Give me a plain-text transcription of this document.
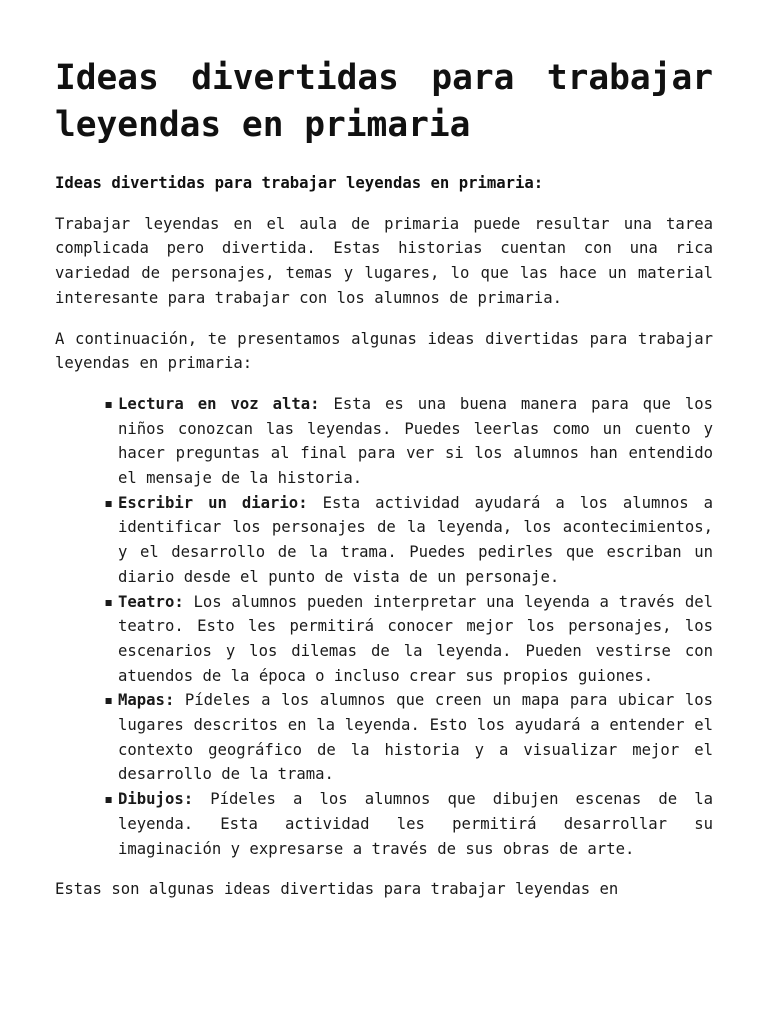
Ideas divertidas para trabajar leyendas en primaria
Ideas divertidas para trabajar leyendas en primaria:

Trabajar leyendas en el aula de primaria puede resultar una tarea complicada pero divertida. Estas historias cuentan con una rica variedad de personajes, temas y lugares, lo que las hace un material interesante para trabajar con los alumnos de primaria.

A continuación, te presentamos algunas ideas divertidas para trabajar leyendas en primaria:

▪ Lectura en voz alta: Esta es una buena manera para que los niños conozcan las leyendas. Puedes leerlas como un cuento y hacer preguntas al final para ver si los alumnos han entendido el mensaje de la historia.
▪ Escribir un diario: Esta actividad ayudará a los alumnos a identificar los personajes de la leyenda, los acontecimientos, y el desarrollo de la trama. Puedes pedirles que escriban un diario desde el punto de vista de un personaje.
▪ Teatro: Los alumnos pueden interpretar una leyenda a través del teatro. Esto les permitirá conocer mejor los personajes, los escenarios y los dilemas de la leyenda. Pueden vestirse con atuendos de la época o incluso crear sus propios guiones.
▪ Mapas: Pídeles a los alumnos que creen un mapa para ubicar los lugares descritos en la leyenda. Esto los ayudará a entender el contexto geográfico de la historia y a visualizar mejor el desarrollo de la trama.
▪ Dibujos: Pídeles a los alumnos que dibujen escenas de la leyenda. Esta actividad les permitirá desarrollar su imaginación y expresarse a través de sus obras de arte.

Estas son algunas ideas divertidas para trabajar leyendas en
